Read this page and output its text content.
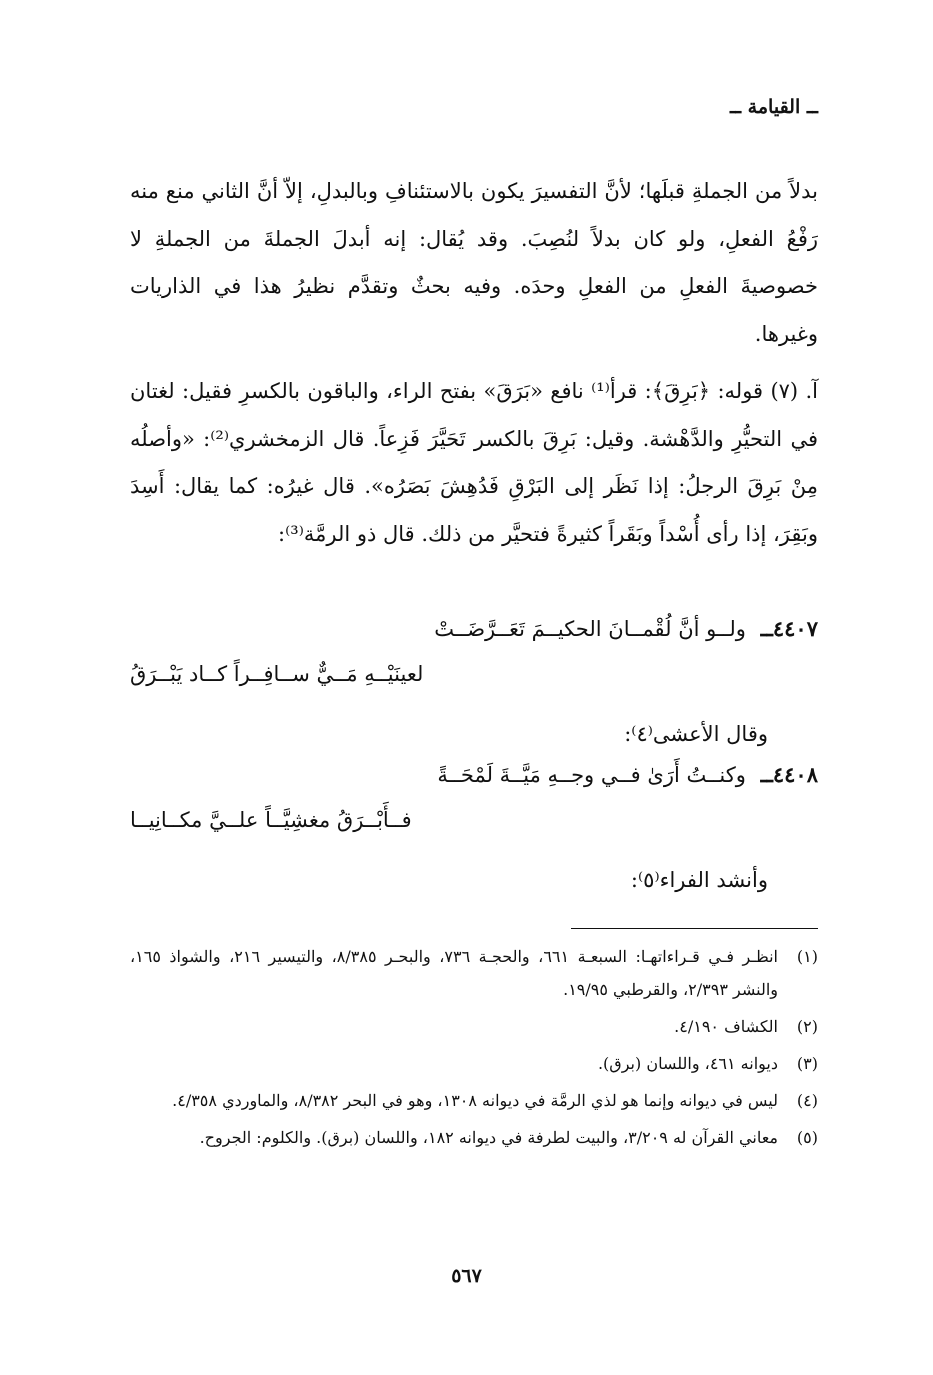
ــ القيامة ــ

بدلاً من الجملةِ قبلَها؛ لأنَّ التفسيرَ يكون بالاستئنافِ وبالبدلِ، إلاّ أنَّ الثاني منع منه رَفْعُ الفعلِ، ولو كان بدلاً لنُصِبَ. وقد يُقال: إنه أبدلَ الجملةَ من الجملةِ لا خصوصيةَ الفعلِ من الفعلِ وحدَه. وفيه بحثٌ وتقدَّم نظيرُ هذا في الذاريات وغيرها.

آ. (٧) قوله: ﴿بَرِقَ﴾: قرأ⁽¹⁾ نافع «بَرَقَ» بفتح الراء، والباقون بالكسرِ فقيل: لغتان في التحيُّرِ والدَّهْشة. وقيل: بَرِقَ بالكسر تَحَيَّرَ فَزِعاً. قال الزمخشري⁽²⁾: «وأصلُه مِنْ بَرِقَ الرجلُ: إذا نَظَر إلى البَرْقِ فَدُهِشَ بَصَرُه». قال غيرُه: كما يقال: أَسِدَ وبَقِرَ، إذا رأى أُسْداً وبَقَراً كثيرةً فتحيَّر من ذلك. قال ذو الرمَّة⁽³⁾:

٤٤٠٧ــ ولــو أنَّ لُقْمــانَ الحكيــمَ تَعَــرَّضَــتْ
لعينَيْــهِ مَــيٌّ ســافِــراً كــاد يَبْــرَقُ
وقال الأعشى⁽٤⁾:
٤٤٠٨ــ وكنــتُ أَرَىٰ فــي وجــهِ مَيَّــةَ لَمْحَــةً
فــأَبْــرَقُ مغشِيَّــاً علــيَّ مكــانِيــا
وأنشد الفراء⁽٥⁾:
(١)
انظـر فـي قـراءاتهـا: السبعـة ٦٦١، والحجـة ٧٣٦، والبحـر ٨/٣٨٥، والتيسير ٢١٦، والشواذ ١٦٥، والنشر ٢/٣٩٣، والقرطبي ١٩/٩٥.
(٢)
الكشاف ٤/١٩٠.
(٣)
ديوانه ٤٦١، واللسان (برق).
(٤)
ليس في ديوانه وإنما هو لذي الرمَّة في ديوانه ١٣٠٨، وهو في البحر ٨/٣٨٢، والماوردي ٤/٣٥٨.
(٥)
معاني القرآن له ٣/٢٠٩، والبيت لطرفة في ديوانه ١٨٢، واللسان (برق). والكلوم: الجروح.
٥٦٧
